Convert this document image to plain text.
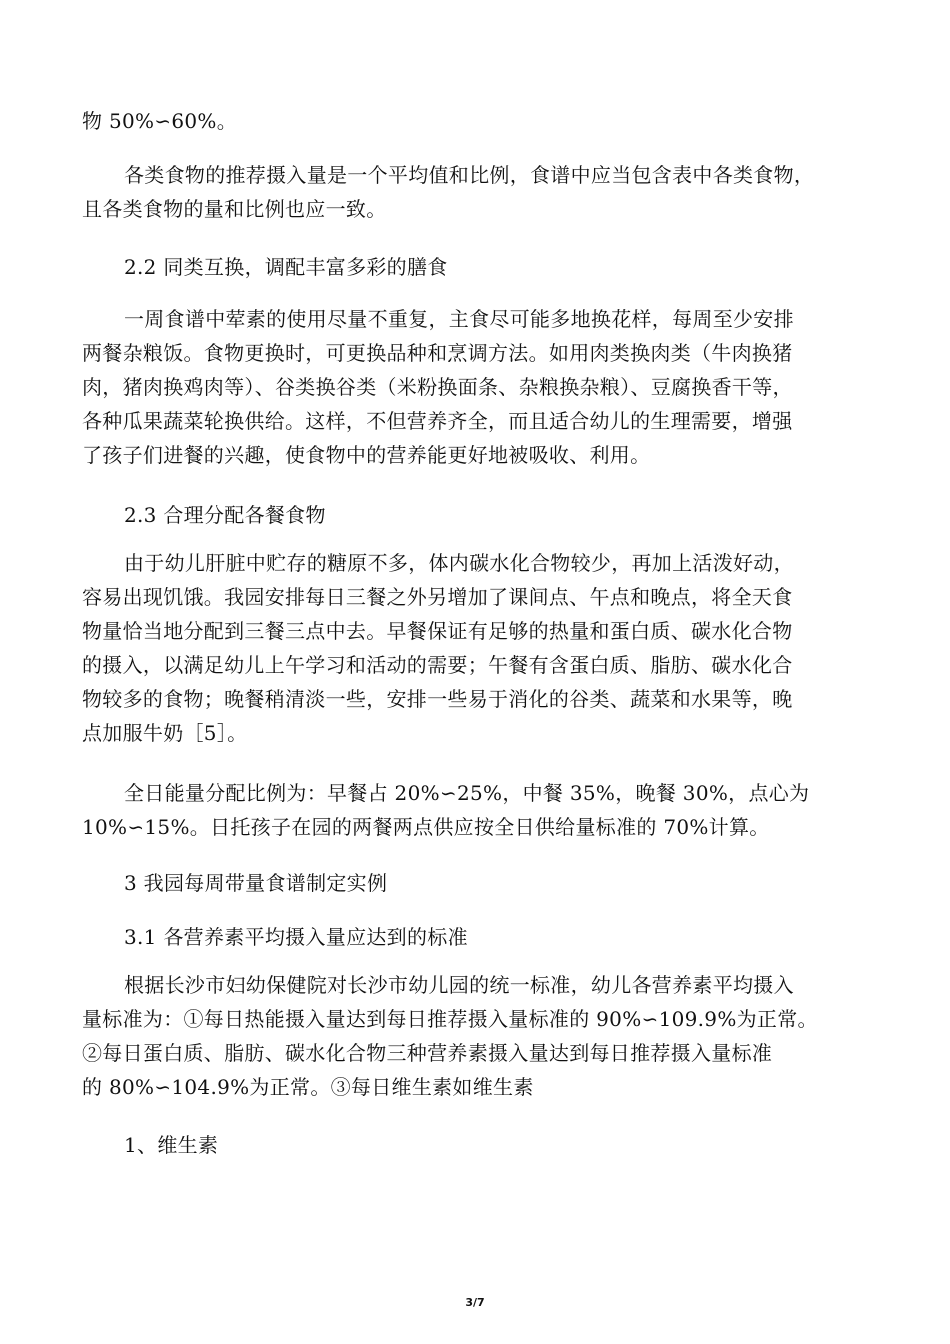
物 50%∽60%。
各类食物的推荐摄入量是一个平均值和比例，食谱中应当包含表中各类食物，
且各类食物的量和比例也应一致。
2.2 同类互换，调配丰富多彩的膳食
一周食谱中荤素的使用尽量不重复，主食尽可能多地换花样，每周至少安排
两餐杂粮饭。食物更换时，可更换品种和烹调方法。如用肉类换肉类（牛肉换猪
肉，猪肉换鸡肉等）、谷类换谷类（米粉换面条、杂粮换杂粮）、豆腐换香干等，
各种瓜果蔬菜轮换供给。这样，不但营养齐全，而且适合幼儿的生理需要，增强
了孩子们进餐的兴趣，使食物中的营养能更好地被吸收、利用。
2.3 合理分配各餐食物
由于幼儿肝脏中贮存的糖原不多，体内碳水化合物较少，再加上活泼好动，
容易出现饥饿。我园安排每日三餐之外另增加了课间点、午点和晚点，将全天食
物量恰当地分配到三餐三点中去。早餐保证有足够的热量和蛋白质、碳水化合物
的摄入，以满足幼儿上午学习和活动的需要；午餐有含蛋白质、脂肪、碳水化合
物较多的食物；晚餐稍清淡一些，安排一些易于消化的谷类、蔬菜和水果等，晚
点加服牛奶［5］。
全日能量分配比例为：早餐占 20%∽25%，中餐 35%，晚餐 30%，点心为
10%∽15%。日托孩子在园的两餐两点供应按全日供给量标准的 70%计算。
3 我园每周带量食谱制定实例
3.1 各营养素平均摄入量应达到的标准
根据长沙市妇幼保健院对长沙市幼儿园的统一标准，幼儿各营养素平均摄入
量标准为：①每日热能摄入量达到每日推荐摄入量标准的 90%∽109.9%为正常。
②每日蛋白质、脂肪、碳水化合物三种营养素摄入量达到每日推荐摄入量标准
的 80%∽104.9%为正常。③每日维生素如维生素
1、维生素
3/7
